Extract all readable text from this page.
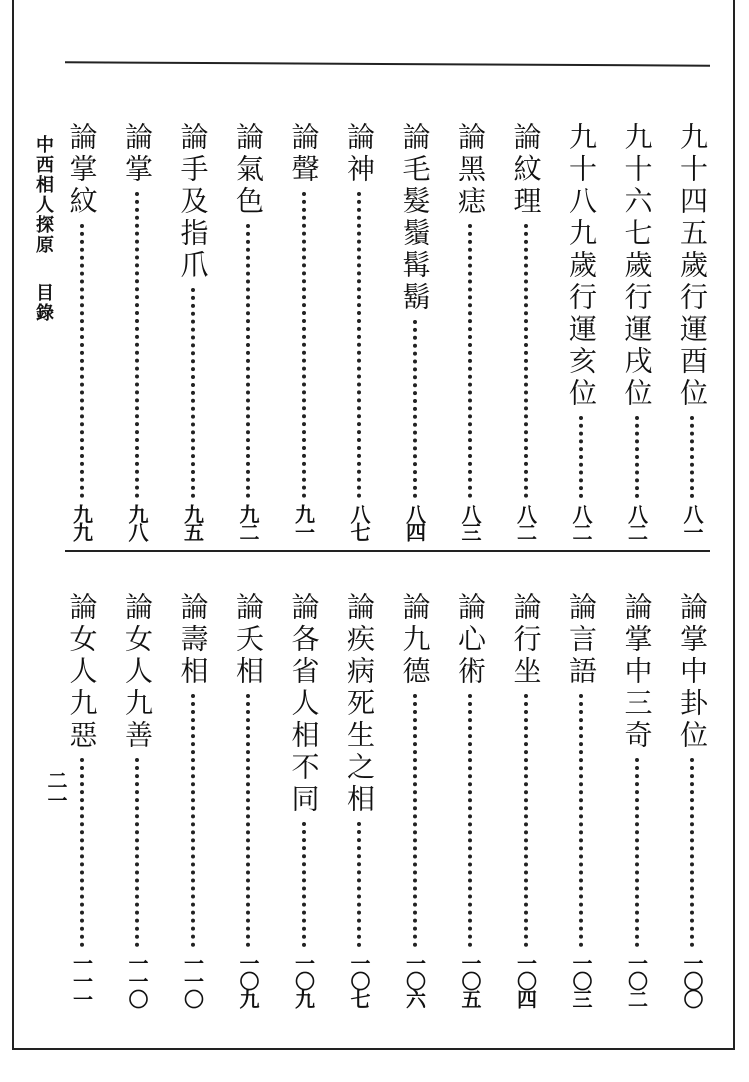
中西相人探原目錄
二一
九十四五歲行運酉位
八一
九十六七歲行運戌位
八二
九十八九歲行運亥位
八二
論紋理
八二
論黑痣
八三
論毛髮鬚髯鬍
八四
論神
八七
論聲
九一
論氣色
九二
論手及指爪
九五
論掌
九八
論掌紋
九九
論掌中卦位
一〇〇
論掌中三奇
一〇二
論言語
一〇三
論行坐
一〇四
論心術
一〇五
論九德
一〇六
論疾病死生之相
一〇七
論各省人相不同
一〇九
論夭相
一〇九
論壽相
一一〇
論女人九善
一一〇
論女人九惡
一一一
